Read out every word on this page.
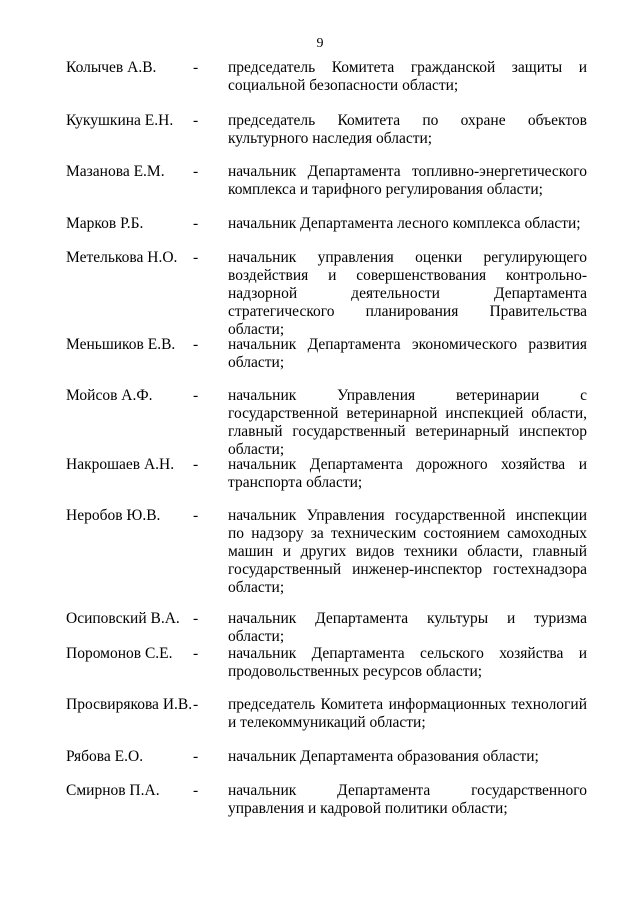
9
Колычев А.В.	-	председатель Комитета гражданской защиты и социальной безопасности области;
Кукушкина Е.Н.	-	председатель Комитета по охране объектов культурного наследия области;
Мазанова Е.М.	-	начальник Департамента топливно-энергетического комплекса и тарифного регулирования области;
Марков Р.Б.	-	начальник Департамента лесного комплекса области;
Метелькова Н.О.	-	начальник управления оценки регулирующего воздействия и совершенствования контрольно-надзорной деятельности Департамента стратегического планирования Правительства области;
Меньшиков Е.В.	-	начальник Департамента экономического развития области;
Мойсов А.Ф.	-	начальник Управления ветеринарии с государственной ветеринарной инспекцией области, главный государственный ветеринарный инспектор области;
Накрошаев А.Н.	-	начальник Департамента дорожного хозяйства и транспорта области;
Неробов Ю.В.	-	начальник Управления государственной инспекции по надзору за техническим состоянием самоходных машин и других видов техники области, главный государственный инженер-инспектор гостехнадзора области;
Осиповский В.А. -	начальник Департамента культуры и туризма области;
Поромонов С.Е.	-	начальник Департамента сельского хозяйства и продовольственных ресурсов области;
Просвирякова И.В. -	председатель Комитета информационных технологий и телекоммуникаций области;
Рябова Е.О.	-	начальник Департамента образования области;
Смирнов П.А.	-	начальник Департамента государственного управления и кадровой политики области;
